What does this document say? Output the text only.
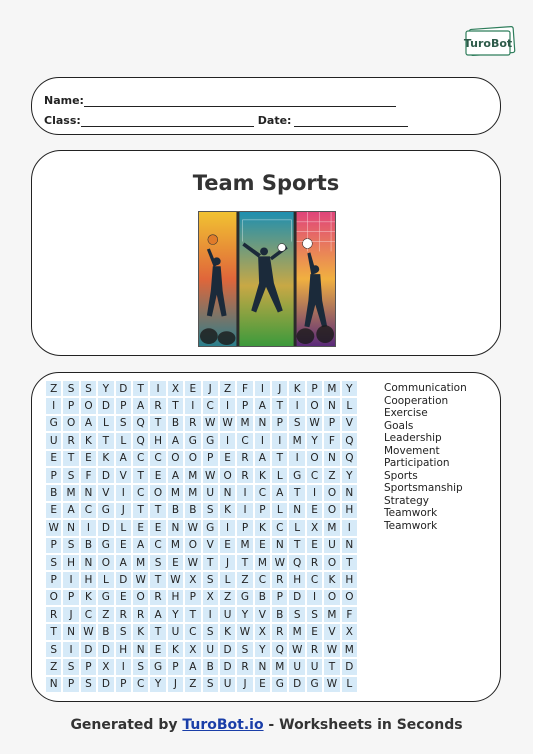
TuroBot
Name:
Class:	Date:
Team Sports
Z S	S	Y D T	I	X E	J	Z	F	I	J	K	P M Y
I	P O D P	A R	T	I	C	I	P	A	T	I	O N	L
G O A	L	S Q T	B R W W M N P	S W P	V
U R K	T	L Q H A G G	I	C	I	I	M Y	F Q
E	T	E	K A C C O O P	E R A	T	I	O N Q
P	S	F D V	T	E A M W O R K	L G C Z	Y
B M N V	I	C O M M U N	I	C A	T	I	O N
E A C G	J	T	T	B B S	K	I	P	L	N E O H
W N	I	D L	E	E N W G	I	P	K C	L	X M	I
P	S B G E A C M O V E M E N T	E U N
S H N O A M S	E W T	J	T M W Q R O T
P	I	H	L D W T W X S	L	Z C R H C K H
O P	K G E O R H P	X Z G B	P D	I	O O
R	J	C Z R R A	Y	T	I	U Y	V B S	S M F
T N W B S	K	T U C S	K W X R M E V X
S	I	D D H N E	K X U D S	Y Q W R W M
Z S	P	X	I	S G P	A B D R N M U U T D
N P	S D P	C	Y	J	Z S U	J	E G D G W L
Communication
Cooperation
Exercise
Goals
Leadership
Movement
Participation
Sports
Sportsmanship
Strategy
Teamwork
Teamwork
Generated by TuroBot.io - Worksheets in Seconds
